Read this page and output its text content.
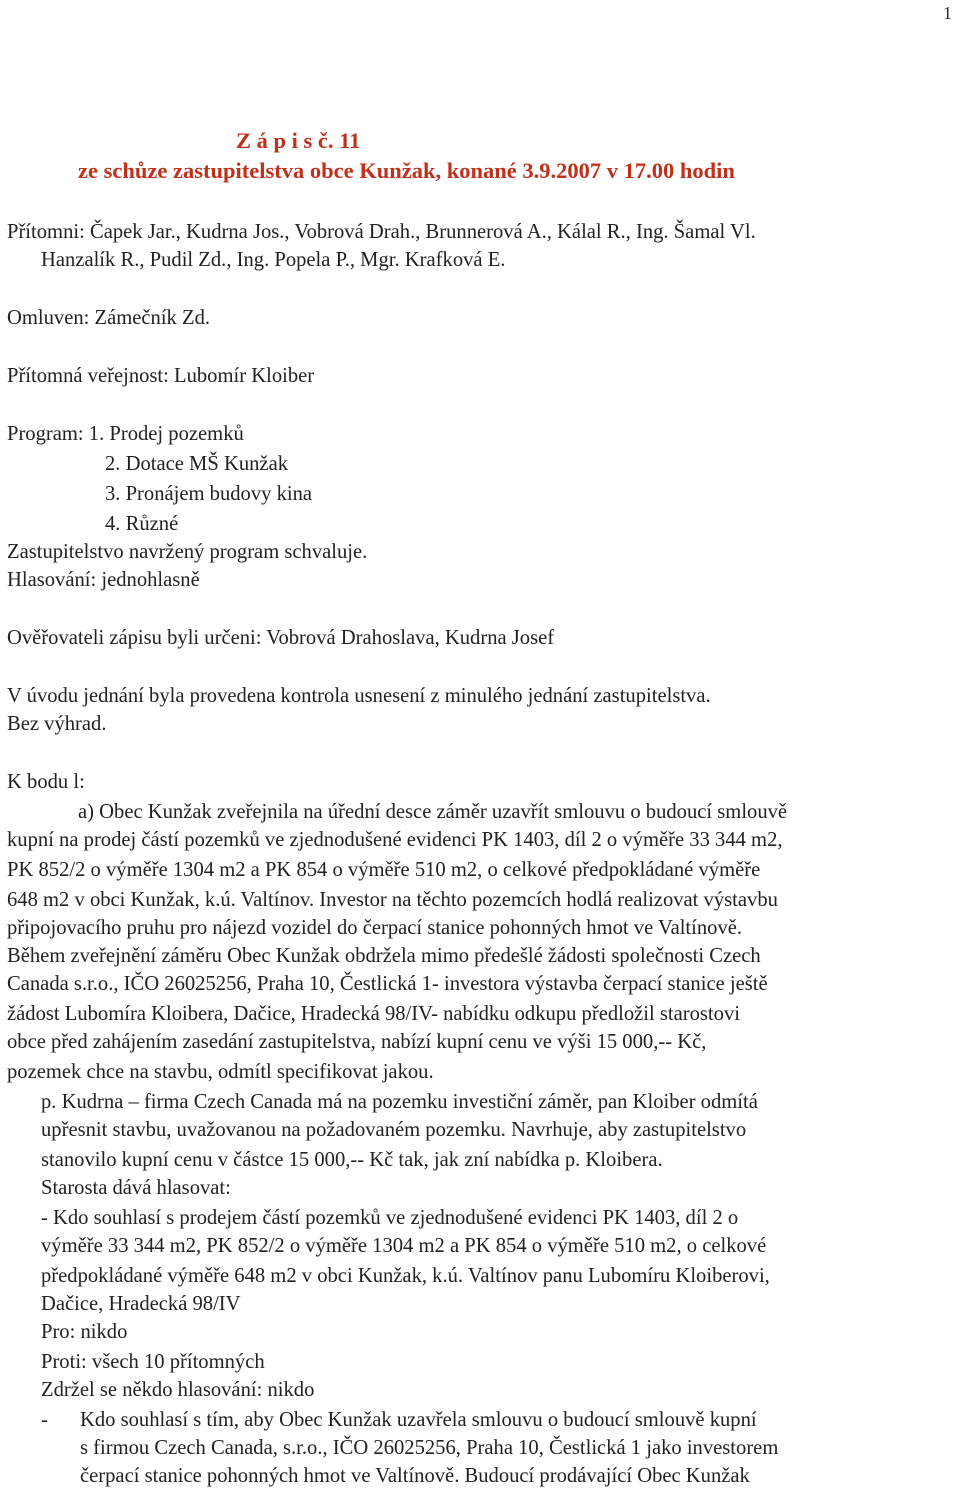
1
Z á p i s č. 11
ze schůze zastupitelstva obce Kunžak, konané 3.9.2007 v 17.00 hodin
Přítomni: Čapek Jar., Kudrna Jos., Vobrová Drah., Brunnerová A., Kálal R., Ing. Šamal Vl.
Hanzalík R., Pudil Zd., Ing. Popela P., Mgr. Krafková E.
Omluven: Zámečník Zd.
Přítomná veřejnost: Lubomír Kloiber
Program: 1. Prodej pozemků
2. Dotace MŠ Kunžak
3. Pronájem budovy kina
4. Různé
Zastupitelstvo navržený program schvaluje.
Hlasování: jednohlasně
Ověřovateli zápisu byli určeni: Vobrová Drahoslava, Kudrna Josef
V úvodu jednání byla provedena kontrola usnesení z minulého jednání zastupitelstva.
Bez výhrad.
K bodu l:
a) Obec Kunžak zveřejnila na úřední desce záměr uzavřít smlouvu o budoucí smlouvě
kupní na prodej částí pozemků ve zjednodušené evidenci PK 1403, díl 2 o výměře 33 344 m2,
PK 852/2 o výměře 1304 m2 a PK 854 o výměře 510 m2, o celkové předpokládané výměře
648 m2 v obci Kunžak, k.ú. Valtínov. Investor na těchto pozemcích hodlá realizovat výstavbu
připojovacího pruhu pro nájezd vozidel do čerpací stanice pohonných hmot ve Valtínově.
Během zveřejnění záměru Obec Kunžak obdržela mimo předešlé žádosti společnosti Czech
Canada s.r.o., IČO 26025256, Praha 10, Čestlická 1- investora výstavba čerpací stanice ještě
žádost Lubomíra Kloibera, Dačice, Hradecká 98/IV- nabídku odkupu předložil starostovi
obce před zahájením zasedání zastupitelstva, nabízí kupní cenu ve výši 15 000,-- Kč,
pozemek chce na stavbu, odmítl specifikovat jakou.
p. Kudrna – firma Czech Canada má na pozemku investiční záměr, pan Kloiber odmítá
upřesnit stavbu, uvažovanou na požadovaném pozemku. Navrhuje, aby zastupitelstvo
stanovilo kupní cenu v částce 15 000,-- Kč tak, jak zní nabídka p. Kloibera.
Starosta dává hlasovat:
- Kdo souhlasí s prodejem částí pozemků ve zjednodušené evidenci PK 1403, díl 2 o
výměře 33 344 m2, PK 852/2 o výměře 1304 m2 a PK 854 o výměře 510 m2, o celkové
předpokládané výměře 648 m2 v obci Kunžak, k.ú. Valtínov panu Lubomíru Kloiberovi,
Dačice, Hradecká 98/IV
Pro: nikdo
Proti: všech 10 přítomných
Zdržel se někdo hlasování: nikdo
- Kdo souhlasí s tím, aby Obec Kunžak uzavřela smlouvu o budoucí smlouvě kupní
s firmou Czech Canada, s.r.o., IČO 26025256, Praha 10, Čestlická 1 jako investorem
čerpací stanice pohonných hmot ve Valtínově. Budoucí prodávající Obec Kunžak
